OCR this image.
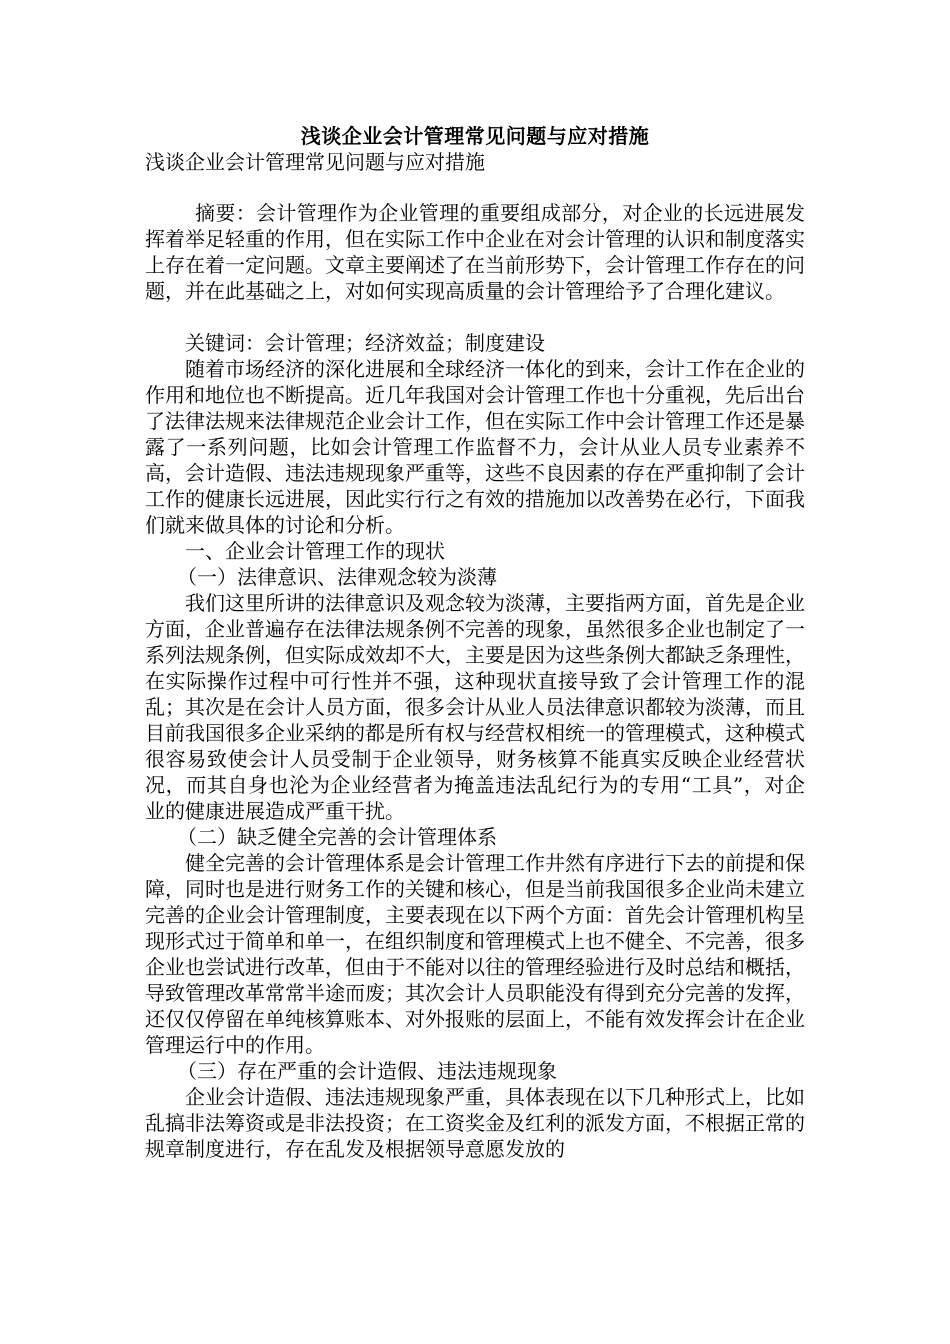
浅谈企业会计管理常见问题与应对措施
浅谈企业会计管理常见问题与应对措施

摘要：会计管理作为企业管理的重要组成部分，对企业的长远进展发挥着举足轻重的作用，但在实际工作中企业在对会计管理的认识和制度落实上存在着一定问题。文章主要阐述了在当前形势下，会计管理工作存在的问题，并在此基础之上，对如何实现高质量的会计管理给予了合理化建议。

关键词：会计管理；经济效益；制度建设

随着市场经济的深化进展和全球经济一体化的到来，会计工作在企业的作用和地位也不断提高。近几年我国对会计管理工作也十分重视，先后出台了法律法规来法律规范企业会计工作，但在实际工作中会计管理工作还是暴露了一系列问题，比如会计管理工作监督不力，会计从业人员专业素养不高，会计造假、违法违规现象严重等，这些不良因素的存在严重抑制了会计工作的健康长远进展，因此实行行之有效的措施加以改善势在必行，下面我们就来做具体的讨论和分析。

一、企业会计管理工作的现状

（一）法律意识、法律观念较为淡薄

我们这里所讲的法律意识及观念较为淡薄，主要指两方面，首先是企业方面，企业普遍存在法律法规条例不完善的现象，虽然很多企业也制定了一系列法规条例，但实际成效却不大，主要是因为这些条例大都缺乏条理性，在实际操作过程中可行性并不强，这种现状直接导致了会计管理工作的混乱；其次是在会计人员方面，很多会计从业人员法律意识都较为淡薄，而且目前我国很多企业采纳的都是所有权与经营权相统一的管理模式，这种模式很容易致使会计人员受制于企业领导，财务核算不能真实反映企业经营状况，而其自身也沦为企业经营者为掩盖违法乱纪行为的专用“工具”，对企业的健康进展造成严重干扰。

（二）缺乏健全完善的会计管理体系

健全完善的会计管理体系是会计管理工作井然有序进行下去的前提和保障，同时也是进行财务工作的关键和核心，但是当前我国很多企业尚未建立完善的企业会计管理制度，主要表现在以下两个方面：首先会计管理机构呈现形式过于简单和单一，在组织制度和管理模式上也不健全、不完善，很多企业也尝试进行改革，但由于不能对以往的管理经验进行及时总结和概括，导致管理改革常常半途而废；其次会计人员职能没有得到充分完善的发挥，还仅仅停留在单纯核算账本、对外报账的层面上，不能有效发挥会计在企业管理运行中的作用。

（三）存在严重的会计造假、违法违规现象

企业会计造假、违法违规现象严重，具体表现在以下几种形式上，比如乱搞非法筹资或是非法投资；在工资奖金及红利的派发方面，不根据正常的规章制度进行，存在乱发及根据领导意愿发放的
